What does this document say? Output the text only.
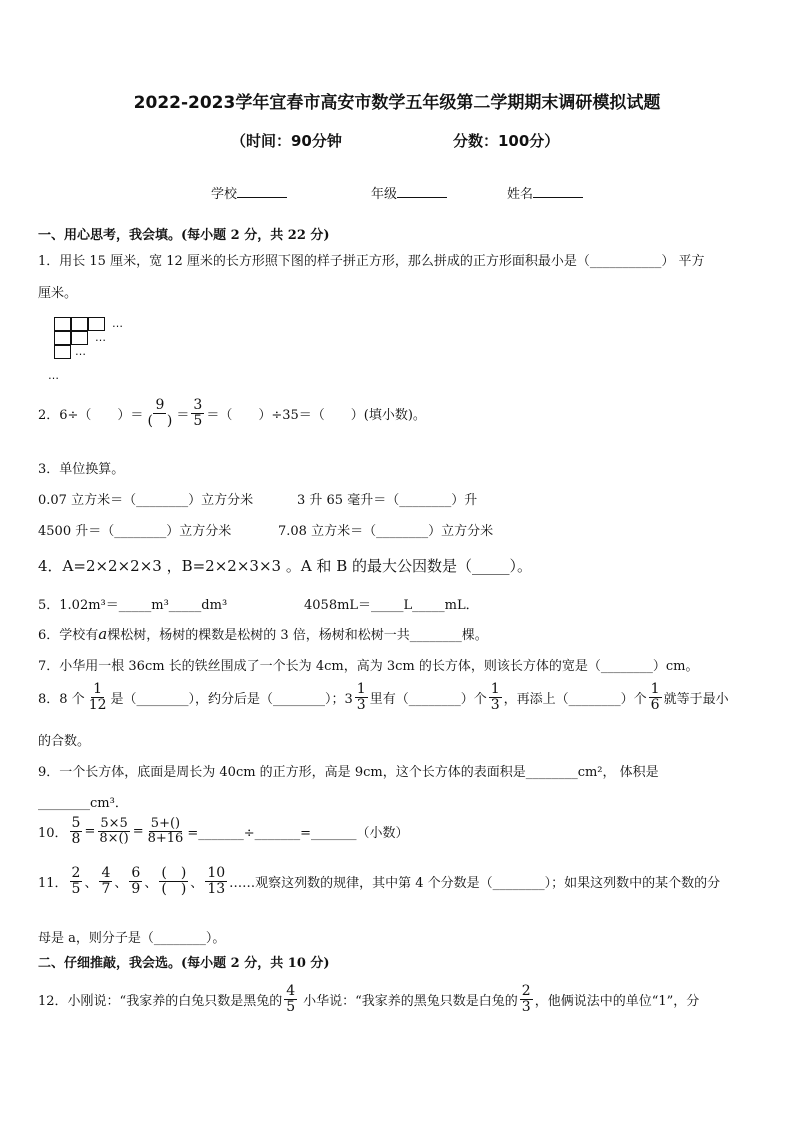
2022-2023学年宜春市高安市数学五年级第二学期期末调研模拟试题
（时间：90分钟	分数：100分）
学校	年级	姓名
一、用心思考，我会填。(每小题 2 分，共 22 分)
1．用长 15 厘米，宽 12 厘米的长方形照下图的样子拼正方形，那么拼成的正方形面积最小是（___________） 平方
厘米。
…
…
…
…
2．6÷（　　）＝ $\frac{9}{( )} = \frac{3}{5}$ ＝（　　）÷35＝（　　）(填小数)。
3．单位换算。
0.07 立方米＝（________）立方分米	3 升 65 毫升＝（________）升
4500 升＝（________）立方分米	7.08 立方米＝（________）立方分米
4．A=2×2×2×3 ，B=2×2×3×3 。A 和 B 的最大公因数是（_____）。
5．1.02m³＝_____m³_____dm³	4058mL＝_____L_____mL．
6．学校有a棵松树，杨树的棵数是松树的 3 倍，杨树和松树一共________棵。
7．小华用一根 36cm 长的铁丝围成了一个长为 4cm，高为 3cm 的长方体，则该长方体的宽是（________）cm。
8．8 个 $\frac{1}{12}$ 是（________），约分后是（________）；$3 \frac{1}{3}$ 里有（________）个 $\frac{1}{3}$ ，再添上（________）个 $\frac{1}{6}$ 就等于最小
的合数。
9．一个长方体，底面是周长为 40cm 的正方形，高是 9cm，这个长方体的表面积是________cm²， 体积是
________cm³．
10． $\frac{5}{8} = \frac{5\times 5}{8\times()} = \frac{5+()}{8+16}$ =_______÷_______=_______（小数）
11． $\frac{2}{5}$ 、 $\frac{4}{7}$ 、 $\frac{6}{9}$ 、 $\frac{( )}{( )}$ 、 $\frac{10}{13}$ ……观察这列数的规律，其中第 4 个分数是（________）；如果这列数中的某个数的分
母是 a，则分子是（________）。
二、仔细推敲，我会选。(每小题 2 分，共 10 分)
12．小刚说：“我家养的白兔只数是黑兔的 $\frac{4}{5}$ 小华说：“我家养的黑兔只数是白兔的 $\frac{2}{3}$ ，他俩说法中的单位“1”，分
